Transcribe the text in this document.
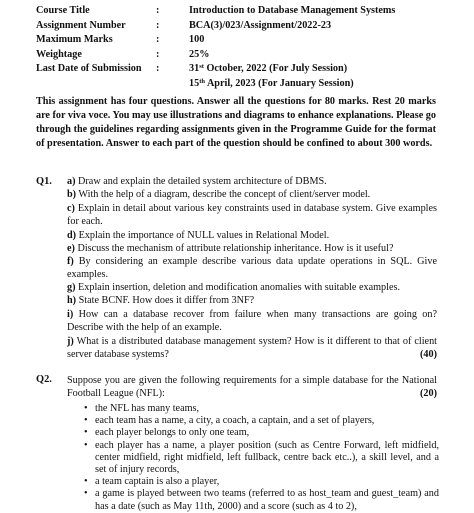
Course Title	:	Introduction to Database Management Systems
Assignment Number	:	BCA(3)/023/Assignment/2022-23
Maximum Marks	:	100
Weightage	:	25%
Last Date of Submission	:	31st October, 2022 (For July Session)
15th April, 2023 (For January Session)
This assignment has four questions. Answer all the questions for 80 marks. Rest 20 marks are for viva voce. You may use illustrations and diagrams to enhance explanations. Please go through the guidelines regarding assignments given in the Programme Guide for the format of presentation. Answer to each part of the question should be confined to about 300 words.
Q1. a) Draw and explain the detailed system architecture of DBMS.
b) With the help of a diagram, describe the concept of client/server model.
c) Explain in detail about various key constraints used in database system. Give examples for each.
d) Explain the importance of NULL values in Relational Model.
e) Discuss the mechanism of attribute relationship inheritance. How is it useful?
f) By considering an example describe various data update operations in SQL. Give examples.
g) Explain insertion, deletion and modification anomalies with suitable examples.
h) State BCNF. How does it differ from 3NF?
i) How can a database recover from failure when many transactions are going on? Describe with the help of an example.
j) What is a distributed database management system? How is it different to that of client server database systems?	(40)
Q2. Suppose you are given the following requirements for a simple database for the National Football League (NFL):	(20)
• the NFL has many teams,
• each team has a name, a city, a coach, a captain, and a set of players,
• each player belongs to only one team,
• each player has a name, a player position (such as Centre Forward, left midfield, center midfield, right midfield, left fullback, centre back etc..), a skill level, and a set of injury records,
• a team captain is also a player,
• a game is played between two teams (referred to as host_team and guest_team) and has a date (such as May 11th, 2000) and a score (such as 4 to 2),
